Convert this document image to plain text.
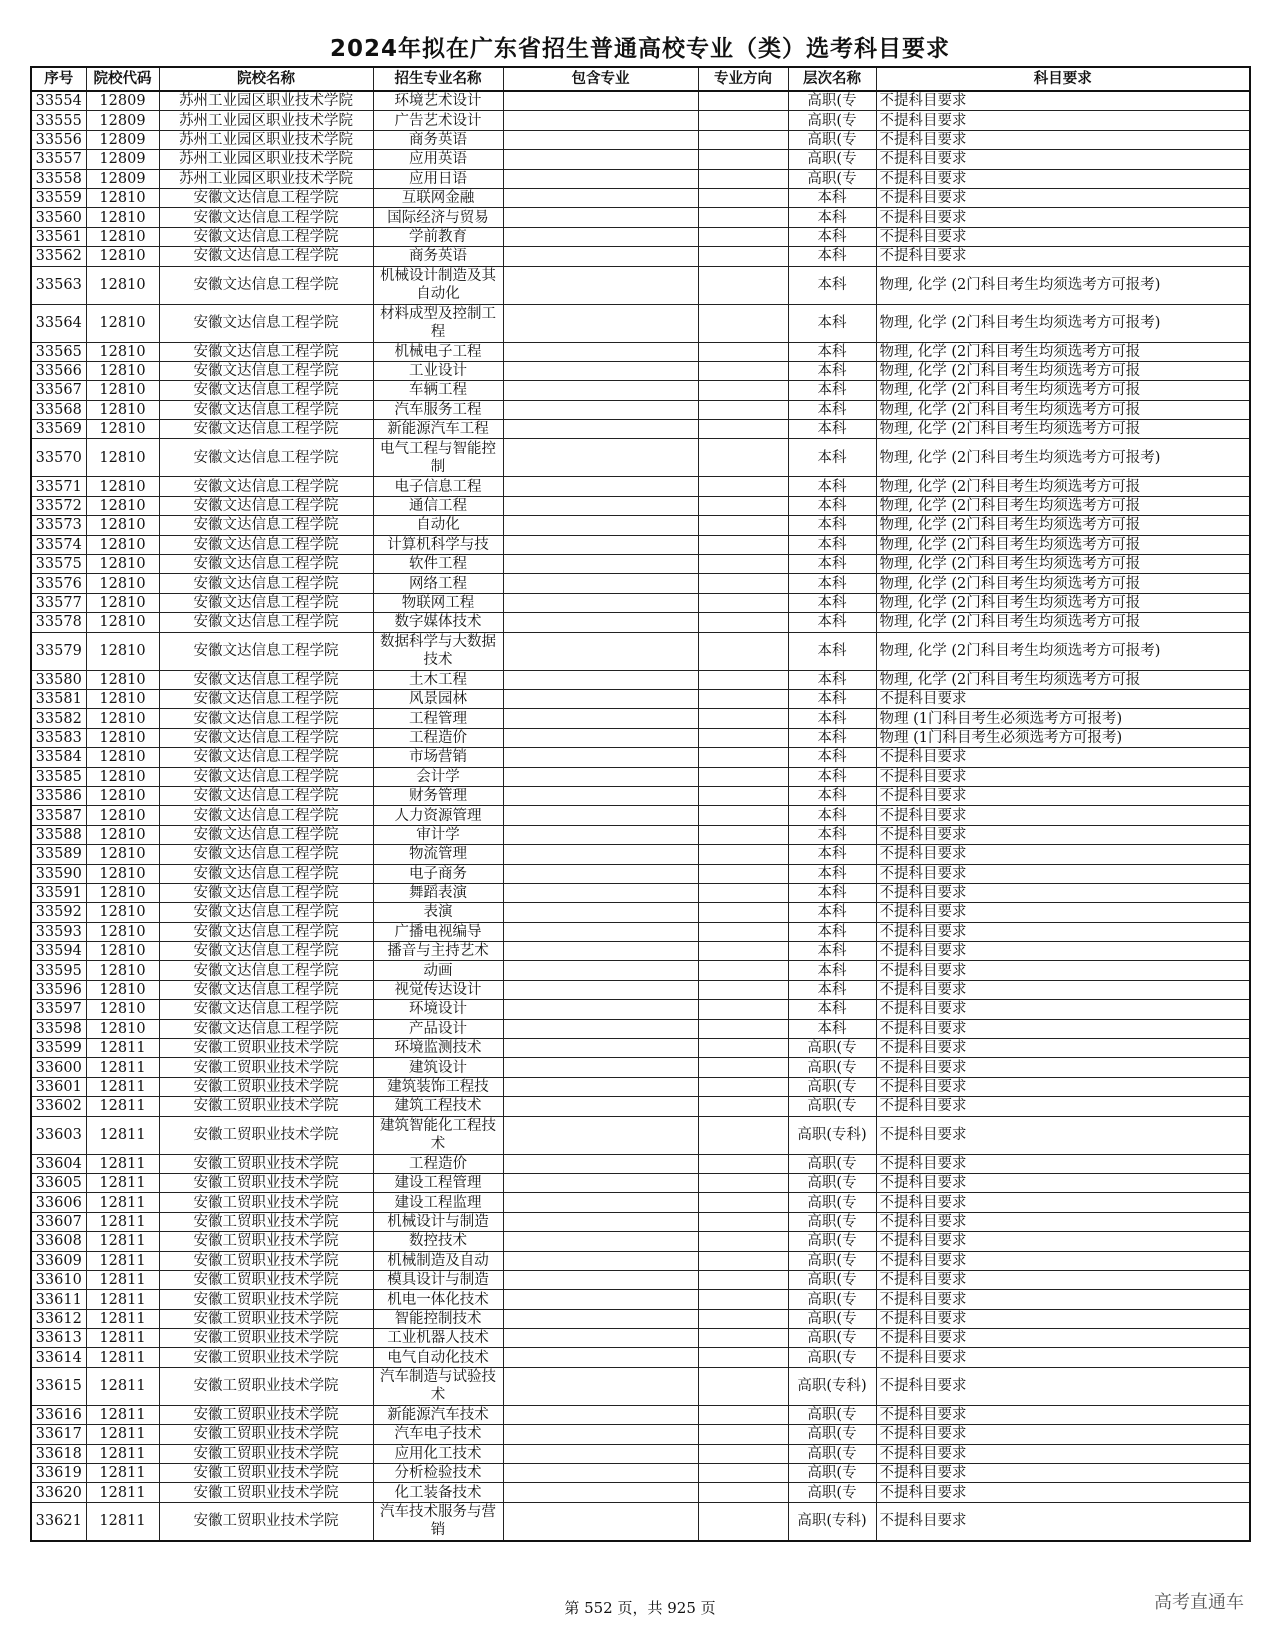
2024年拟在广东省招生普通高校专业（类）选考科目要求
序号	院校代码	院校名称	招生专业名称	包含专业	专业方向	层次名称	科目要求
33554	12809	苏州工业园区职业技术学院	环境艺术设计			高职(专	不提科目要求
33555	12809	苏州工业园区职业技术学院	广告艺术设计			高职(专	不提科目要求
33556	12809	苏州工业园区职业技术学院	商务英语			高职(专	不提科目要求
33557	12809	苏州工业园区职业技术学院	应用英语			高职(专	不提科目要求
33558	12809	苏州工业园区职业技术学院	应用日语			高职(专	不提科目要求
33559	12810	安徽文达信息工程学院	互联网金融			本科	不提科目要求
33560	12810	安徽文达信息工程学院	国际经济与贸易			本科	不提科目要求
33561	12810	安徽文达信息工程学院	学前教育			本科	不提科目要求
33562	12810	安徽文达信息工程学院	商务英语			本科	不提科目要求
33563	12810	安徽文达信息工程学院	机械设计制造及其自动化			本科	物理, 化学 (2门科目考生均须选考方可报考)
33564	12810	安徽文达信息工程学院	材料成型及控制工程			本科	物理, 化学 (2门科目考生均须选考方可报考)
33565	12810	安徽文达信息工程学院	机械电子工程			本科	物理, 化学 (2门科目考生均须选考方可报
33566	12810	安徽文达信息工程学院	工业设计			本科	物理, 化学 (2门科目考生均须选考方可报
33567	12810	安徽文达信息工程学院	车辆工程			本科	物理, 化学 (2门科目考生均须选考方可报
33568	12810	安徽文达信息工程学院	汽车服务工程			本科	物理, 化学 (2门科目考生均须选考方可报
33569	12810	安徽文达信息工程学院	新能源汽车工程			本科	物理, 化学 (2门科目考生均须选考方可报
33570	12810	安徽文达信息工程学院	电气工程与智能控制			本科	物理, 化学 (2门科目考生均须选考方可报考)
33571	12810	安徽文达信息工程学院	电子信息工程			本科	物理, 化学 (2门科目考生均须选考方可报
33572	12810	安徽文达信息工程学院	通信工程			本科	物理, 化学 (2门科目考生均须选考方可报
33573	12810	安徽文达信息工程学院	自动化			本科	物理, 化学 (2门科目考生均须选考方可报
33574	12810	安徽文达信息工程学院	计算机科学与技			本科	物理, 化学 (2门科目考生均须选考方可报
33575	12810	安徽文达信息工程学院	软件工程			本科	物理, 化学 (2门科目考生均须选考方可报
33576	12810	安徽文达信息工程学院	网络工程			本科	物理, 化学 (2门科目考生均须选考方可报
33577	12810	安徽文达信息工程学院	物联网工程			本科	物理, 化学 (2门科目考生均须选考方可报
33578	12810	安徽文达信息工程学院	数字媒体技术			本科	物理, 化学 (2门科目考生均须选考方可报
33579	12810	安徽文达信息工程学院	数据科学与大数据技术			本科	物理, 化学 (2门科目考生均须选考方可报考)
33580	12810	安徽文达信息工程学院	土木工程			本科	物理, 化学 (2门科目考生均须选考方可报
33581	12810	安徽文达信息工程学院	风景园林			本科	不提科目要求
33582	12810	安徽文达信息工程学院	工程管理			本科	物理 (1门科目考生必须选考方可报考)
33583	12810	安徽文达信息工程学院	工程造价			本科	物理 (1门科目考生必须选考方可报考)
33584	12810	安徽文达信息工程学院	市场营销			本科	不提科目要求
33585	12810	安徽文达信息工程学院	会计学			本科	不提科目要求
33586	12810	安徽文达信息工程学院	财务管理			本科	不提科目要求
33587	12810	安徽文达信息工程学院	人力资源管理			本科	不提科目要求
33588	12810	安徽文达信息工程学院	审计学			本科	不提科目要求
33589	12810	安徽文达信息工程学院	物流管理			本科	不提科目要求
33590	12810	安徽文达信息工程学院	电子商务			本科	不提科目要求
33591	12810	安徽文达信息工程学院	舞蹈表演			本科	不提科目要求
33592	12810	安徽文达信息工程学院	表演			本科	不提科目要求
33593	12810	安徽文达信息工程学院	广播电视编导			本科	不提科目要求
33594	12810	安徽文达信息工程学院	播音与主持艺术			本科	不提科目要求
33595	12810	安徽文达信息工程学院	动画			本科	不提科目要求
33596	12810	安徽文达信息工程学院	视觉传达设计			本科	不提科目要求
33597	12810	安徽文达信息工程学院	环境设计			本科	不提科目要求
33598	12810	安徽文达信息工程学院	产品设计			本科	不提科目要求
33599	12811	安徽工贸职业技术学院	环境监测技术			高职(专	不提科目要求
33600	12811	安徽工贸职业技术学院	建筑设计			高职(专	不提科目要求
33601	12811	安徽工贸职业技术学院	建筑装饰工程技			高职(专	不提科目要求
33602	12811	安徽工贸职业技术学院	建筑工程技术			高职(专	不提科目要求
33603	12811	安徽工贸职业技术学院	建筑智能化工程技术			高职(专科)	不提科目要求
33604	12811	安徽工贸职业技术学院	工程造价			高职(专	不提科目要求
33605	12811	安徽工贸职业技术学院	建设工程管理			高职(专	不提科目要求
33606	12811	安徽工贸职业技术学院	建设工程监理			高职(专	不提科目要求
33607	12811	安徽工贸职业技术学院	机械设计与制造			高职(专	不提科目要求
33608	12811	安徽工贸职业技术学院	数控技术			高职(专	不提科目要求
33609	12811	安徽工贸职业技术学院	机械制造及自动			高职(专	不提科目要求
33610	12811	安徽工贸职业技术学院	模具设计与制造			高职(专	不提科目要求
33611	12811	安徽工贸职业技术学院	机电一体化技术			高职(专	不提科目要求
33612	12811	安徽工贸职业技术学院	智能控制技术			高职(专	不提科目要求
33613	12811	安徽工贸职业技术学院	工业机器人技术			高职(专	不提科目要求
33614	12811	安徽工贸职业技术学院	电气自动化技术			高职(专	不提科目要求
33615	12811	安徽工贸职业技术学院	汽车制造与试验技术			高职(专科)	不提科目要求
33616	12811	安徽工贸职业技术学院	新能源汽车技术			高职(专	不提科目要求
33617	12811	安徽工贸职业技术学院	汽车电子技术			高职(专	不提科目要求
33618	12811	安徽工贸职业技术学院	应用化工技术			高职(专	不提科目要求
33619	12811	安徽工贸职业技术学院	分析检验技术			高职(专	不提科目要求
33620	12811	安徽工贸职业技术学院	化工装备技术			高职(专	不提科目要求
33621	12811	安徽工贸职业技术学院	汽车技术服务与营销			高职(专科)	不提科目要求
第 552 页，共 925 页	高考直通车
